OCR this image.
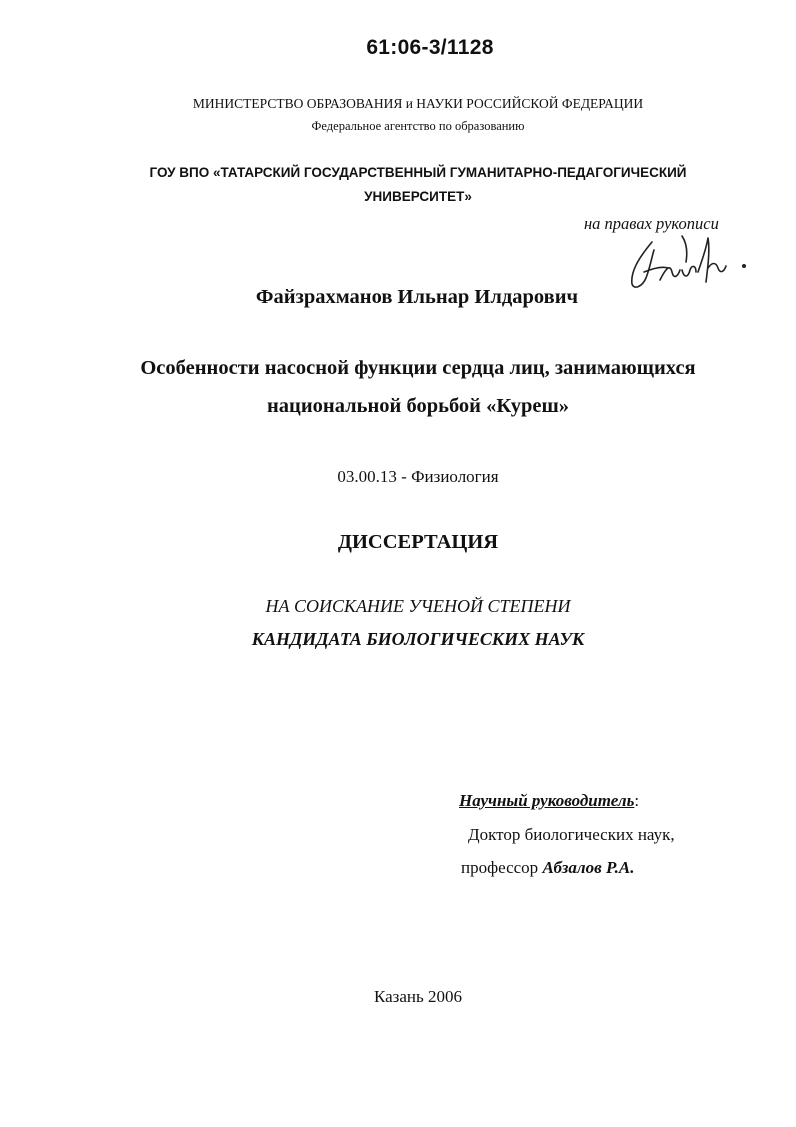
61:06-3/1128
МИНИСТЕРСТВО ОБРАЗОВАНИЯ и НАУКИ РОССИЙСКОЙ ФЕДЕРАЦИИ
Федеральное агентство по образованию
ГОУ ВПО «ТАТАРСКИЙ ГОСУДАРСТВЕННЫЙ ГУМАНИТАРНО-ПЕДАГОГИЧЕСКИЙ
УНИВЕРСИТЕТ»
на правах рукописи
Файзрахманов Ильнар Илдарович
Особенности насосной функции сердца лиц, занимающихся
национальной борьбой «Куреш»
03.00.13 - Физиология
ДИССЕРТАЦИЯ
НА СОИСКАНИЕ УЧЕНОЙ СТЕПЕНИ
КАНДИДАТА БИОЛОГИЧЕСКИХ НАУК
Научный руководитель:
Доктор биологических наук,
профессор Абзалов Р.А.
Казань 2006
